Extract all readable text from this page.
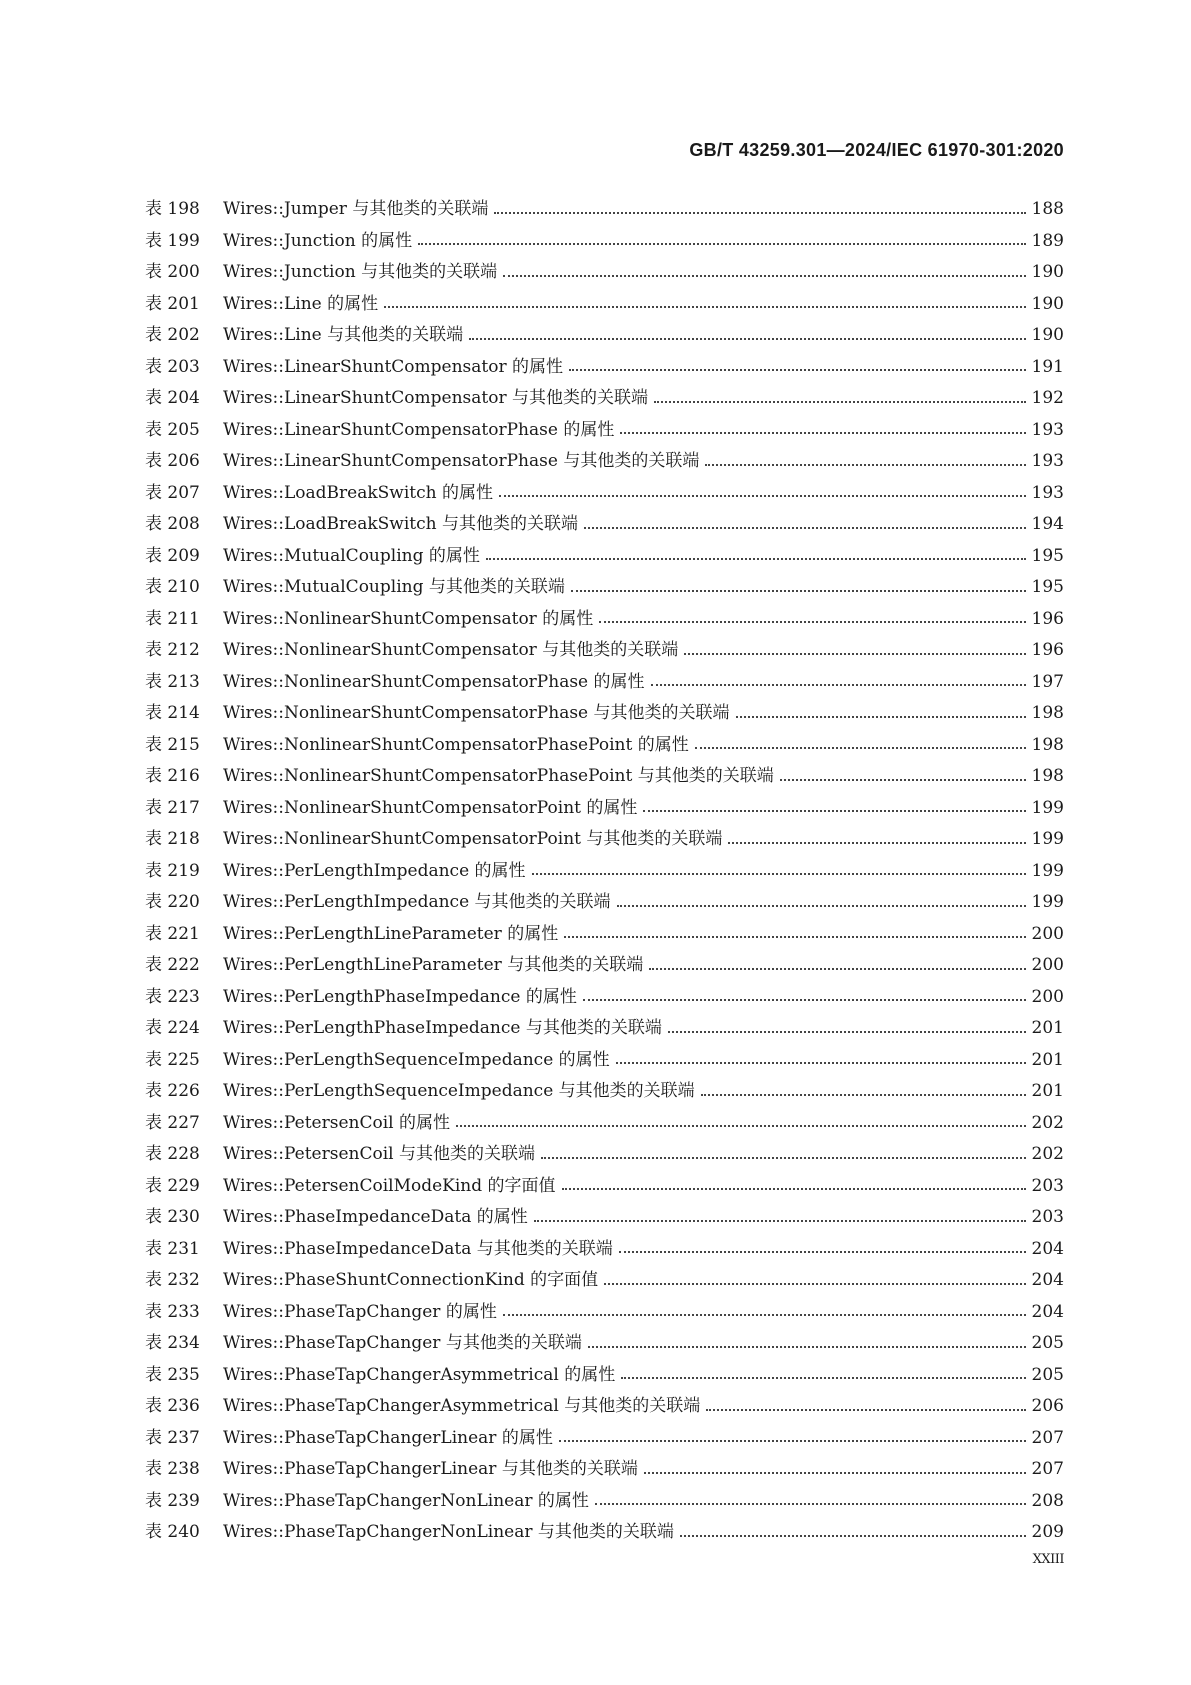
GB/T 43259.301—2024/IEC 61970-301:2020
表 198	Wires::Jumper 与其他类的关联端	188
表 199	Wires::Junction 的属性	189
表 200	Wires::Junction 与其他类的关联端	190
表 201	Wires::Line 的属性	190
表 202	Wires::Line 与其他类的关联端	190
表 203	Wires::LinearShuntCompensator 的属性	191
表 204	Wires::LinearShuntCompensator 与其他类的关联端	192
表 205	Wires::LinearShuntCompensatorPhase 的属性	193
表 206	Wires::LinearShuntCompensatorPhase 与其他类的关联端	193
表 207	Wires::LoadBreakSwitch 的属性	193
表 208	Wires::LoadBreakSwitch 与其他类的关联端	194
表 209	Wires::MutualCoupling 的属性	195
表 210	Wires::MutualCoupling 与其他类的关联端	195
表 211	Wires::NonlinearShuntCompensator 的属性	196
表 212	Wires::NonlinearShuntCompensator 与其他类的关联端	196
表 213	Wires::NonlinearShuntCompensatorPhase 的属性	197
表 214	Wires::NonlinearShuntCompensatorPhase 与其他类的关联端	198
表 215	Wires::NonlinearShuntCompensatorPhasePoint 的属性	198
表 216	Wires::NonlinearShuntCompensatorPhasePoint 与其他类的关联端	198
表 217	Wires::NonlinearShuntCompensatorPoint 的属性	199
表 218	Wires::NonlinearShuntCompensatorPoint 与其他类的关联端	199
表 219	Wires::PerLengthImpedance 的属性	199
表 220	Wires::PerLengthImpedance 与其他类的关联端	199
表 221	Wires::PerLengthLineParameter 的属性	200
表 222	Wires::PerLengthLineParameter 与其他类的关联端	200
表 223	Wires::PerLengthPhaseImpedance 的属性	200
表 224	Wires::PerLengthPhaseImpedance 与其他类的关联端	201
表 225	Wires::PerLengthSequenceImpedance 的属性	201
表 226	Wires::PerLengthSequenceImpedance 与其他类的关联端	201
表 227	Wires::PetersenCoil 的属性	202
表 228	Wires::PetersenCoil 与其他类的关联端	202
表 229	Wires::PetersenCoilModeKind 的字面值	203
表 230	Wires::PhaseImpedanceData 的属性	203
表 231	Wires::PhaseImpedanceData 与其他类的关联端	204
表 232	Wires::PhaseShuntConnectionKind 的字面值	204
表 233	Wires::PhaseTapChanger 的属性	204
表 234	Wires::PhaseTapChanger 与其他类的关联端	205
表 235	Wires::PhaseTapChangerAsymmetrical 的属性	205
表 236	Wires::PhaseTapChangerAsymmetrical 与其他类的关联端	206
表 237	Wires::PhaseTapChangerLinear 的属性	207
表 238	Wires::PhaseTapChangerLinear 与其他类的关联端	207
表 239	Wires::PhaseTapChangerNonLinear 的属性	208
表 240	Wires::PhaseTapChangerNonLinear 与其他类的关联端	209
XXIII
